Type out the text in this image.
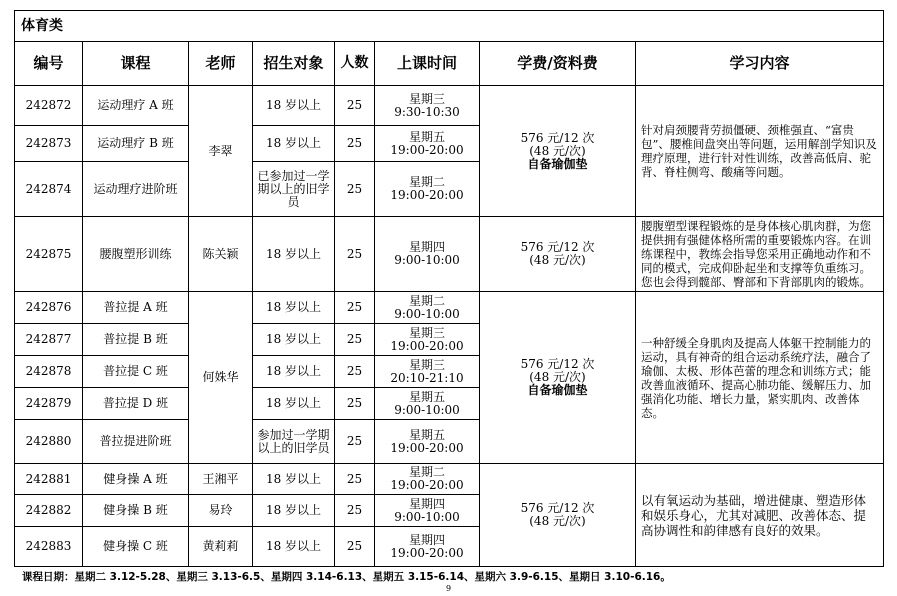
体育类							
编号	课程	老师	招生对象	人数	上课时间	学费/资料费	学习内容
242872	运动理疗 A 班	李翠	18 岁以上	25	星期三
9:30-10:30	576 元/12 次
(48 元/次)
自备瑜伽垫	针对肩颈腰背劳损僵硬、颈椎强直、“富贵包”、腰椎间盘突出等问题，运用解剖学知识及理疗原理，进行针对性训练，改善高低肩、驼背、脊柱侧弯、酸痛等问题。
242873	运动理疗 B 班		18 岁以上	25	星期五
19:00-20:00		
242874	运动理疗进阶班		已参加过一学期以上的旧学员	25	星期二
19:00-20:00		
242875	腰腹塑形训练	陈关颖	18 岁以上	25	星期四
9:00-10:00	576 元/12 次
(48 元/次)	腰腹塑型课程锻炼的是身体核心肌肉群，为您提供拥有强健体格所需的重要锻炼内容。在训练课程中，教练会指导您采用正确地动作和不同的模式，完成仰卧起坐和支撑等负重练习。您也会得到髋部、臀部和下背部肌肉的锻炼。
242876	普拉提 A 班	何姝华	18 岁以上	25	星期二
9:00-10:00	576 元/12 次
(48 元/次)
自备瑜伽垫	一种舒缓全身肌肉及提高人体躯干控制能力的运动，具有神奇的组合运动系统疗法，融合了瑜伽、太极、形体芭蕾的理念和训练方式；能改善血液循环、提高心肺功能、缓解压力、加强消化功能、增长力量，紧实肌肉、改善体态。
242877	普拉提 B 班		18 岁以上	25	星期三
19:00-20:00		
242878	普拉提 C 班		18 岁以上	25	星期三
20:10-21:10		
242879	普拉提 D 班		18 岁以上	25	星期五
9:00-10:00		
242880	普拉提进阶班		参加过一学期以上的旧学员	25	星期五
19:00-20:00		
242881	健身操 A 班	王湘平	18 岁以上	25	星期二
19:00-20:00	576 元/12 次
(48 元/次)	以有氧运动为基础，增进健康、塑造形体和娱乐身心，尤其对减肥、改善体态、提高协调性和韵律感有良好的效果。
242882	健身操 B 班	易玲	18 岁以上	25	星期四
9:00-10:00		
242883	健身操 C 班	黄莉莉	18 岁以上	25	星期四
19:00-20:00		
课程日期：星期二 3.12-5.28、星期三 3.13-6.5、星期四 3.14-6.13、星期五 3.15-6.14、星期六 3.9-6.15、星期日 3.10-6.16。
9
